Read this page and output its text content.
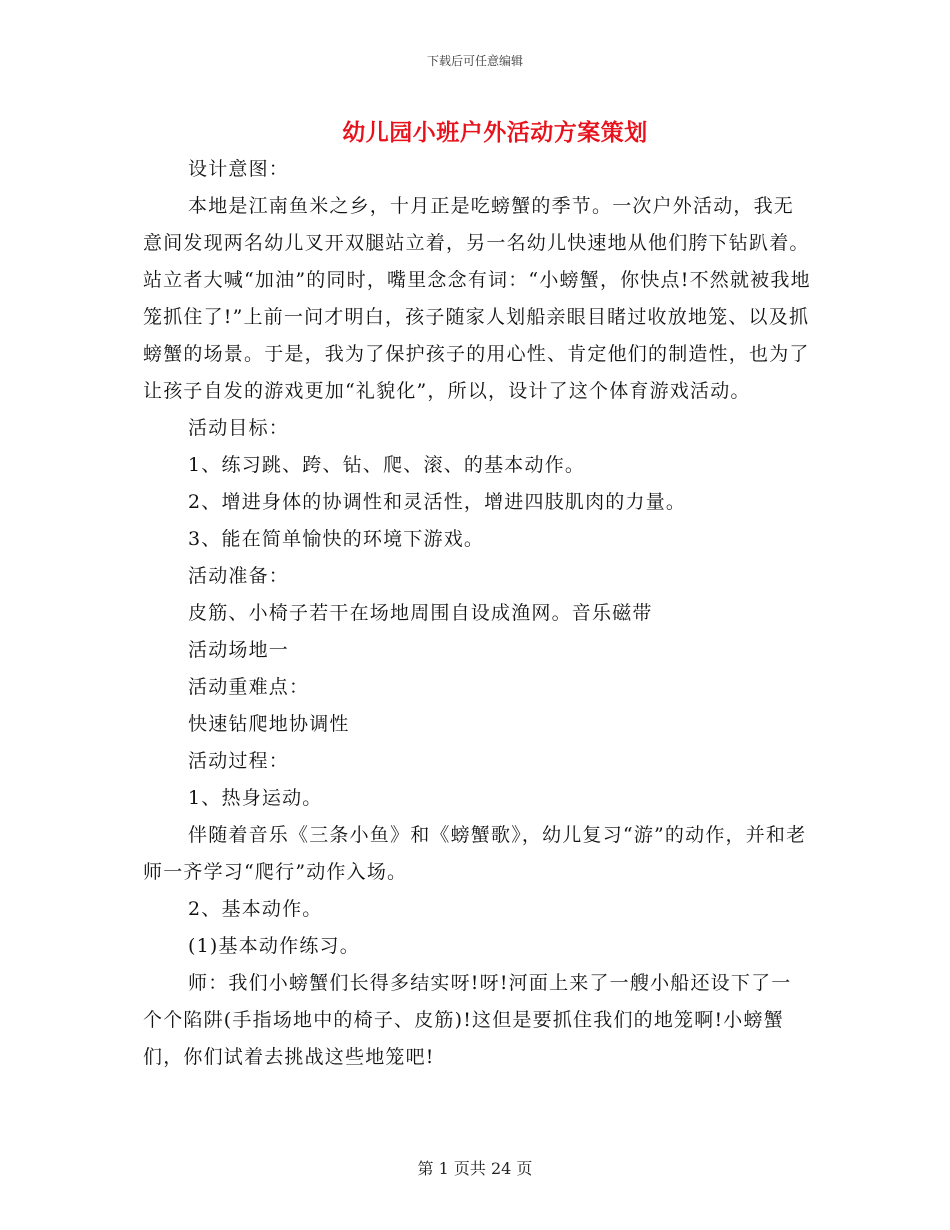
下载后可任意编辑
幼儿园小班户外活动方案策划

设计意图：

本地是江南鱼米之乡，十月正是吃螃蟹的季节。一次户外活动，我无意间发现两名幼儿叉开双腿站立着，另一名幼儿快速地从他们胯下钻趴着。站立者大喊“加油”的同时，嘴里念念有词：“小螃蟹，你快点!不然就被我地笼抓住了!”上前一问才明白，孩子随家人划船亲眼目睹过收放地笼、以及抓螃蟹的场景。于是，我为了保护孩子的用心性、肯定他们的制造性，也为了让孩子自发的游戏更加“礼貌化”，所以，设计了这个体育游戏活动。

活动目标：

1、练习跳、跨、钻、爬、滚、的基本动作。

2、增进身体的协调性和灵活性，增进四肢肌肉的力量。

3、能在简单愉快的环境下游戏。

活动准备：

皮筋、小椅子若干在场地周围自设成渔网。音乐磁带

活动场地一

活动重难点：

快速钻爬地协调性

活动过程：

1、热身运动。

伴随着音乐《三条小鱼》和《螃蟹歌》，幼儿复习“游”的动作，并和老师一齐学习“爬行”动作入场。

2、基本动作。

(1)基本动作练习。

师：我们小螃蟹们长得多结实呀!呀!河面上来了一艘小船还设下了一个个陷阱(手指场地中的椅子、皮筋)!这但是要抓住我们的地笼啊!小螃蟹们，你们试着去挑战这些地笼吧!

第 1 页共 24 页
